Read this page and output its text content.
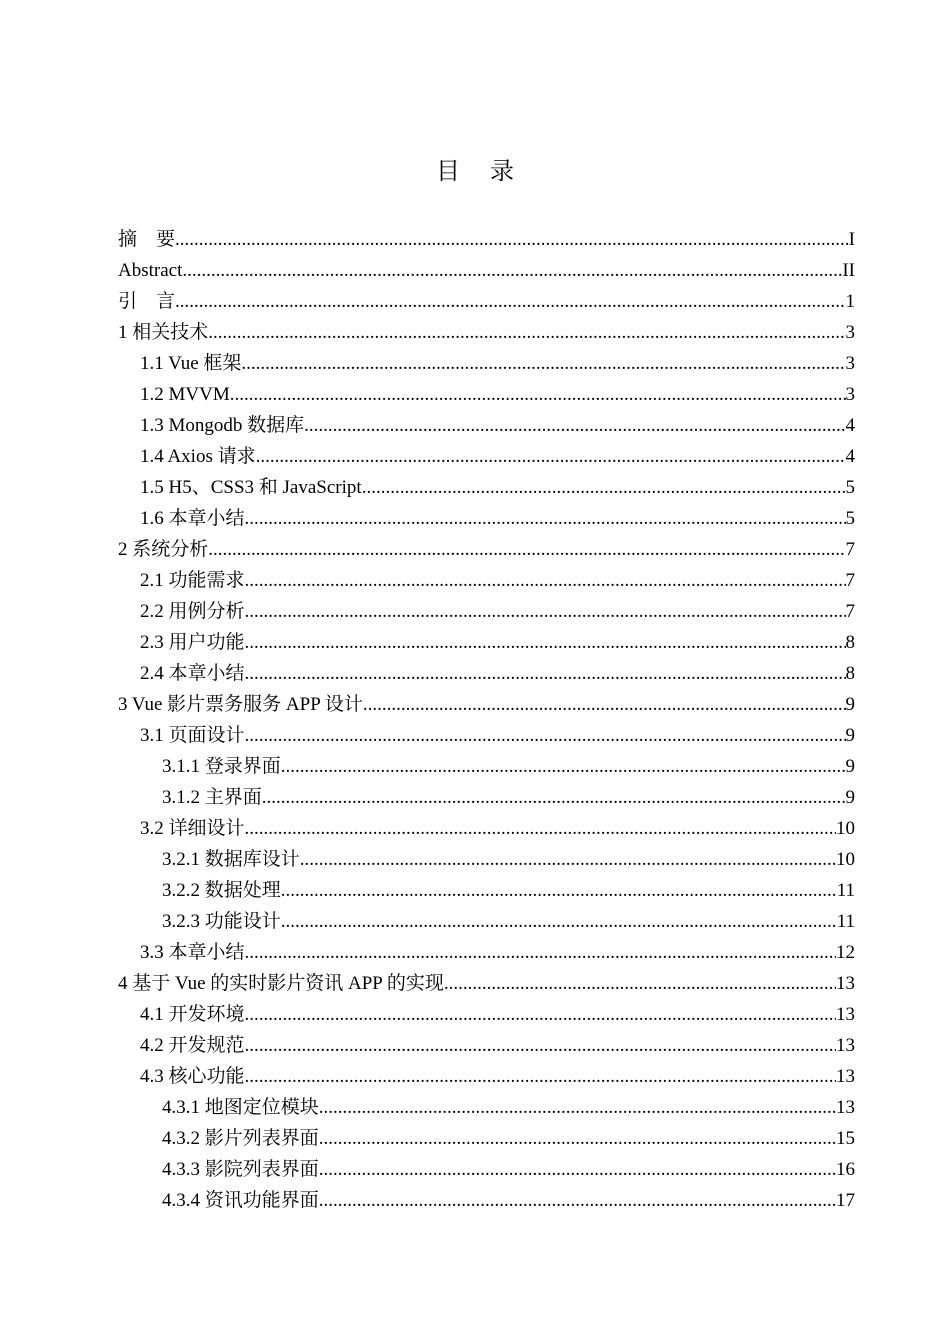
目 录
摘　要 .....	I
Abstract .....	II
引　言 .....	1
1 相关技术 .....	3
1.1 Vue 框架 .....	3
1.2 MVVM .....	3
1.3 Mongodb 数据库 .....	4
1.4 Axios 请求 .....	4
1.5 H5、CSS3 和 JavaScript .....	5
1.6 本章小结 .....	5
2 系统分析 .....	7
2.1 功能需求 .....	7
2.2 用例分析 .....	7
2.3 用户功能 .....	8
2.4 本章小结 .....	8
3 Vue 影片票务服务 APP 设计 .....	9
3.1 页面设计 .....	9
3.1.1 登录界面 .....	9
3.1.2 主界面 .....	9
3.2 详细设计 .....	10
3.2.1 数据库设计 .....	10
3.2.2 数据处理 .....	11
3.2.3 功能设计 .....	11
3.3 本章小结 .....	12
4 基于 Vue 的实时影片资讯 APP 的实现 .....	13
4.1 开发环境 .....	13
4.2 开发规范 .....	13
4.3 核心功能 .....	13
4.3.1 地图定位模块 .....	13
4.3.2 影片列表界面 .....	15
4.3.3 影院列表界面 .....	16
4.3.4 资讯功能界面 .....	17
